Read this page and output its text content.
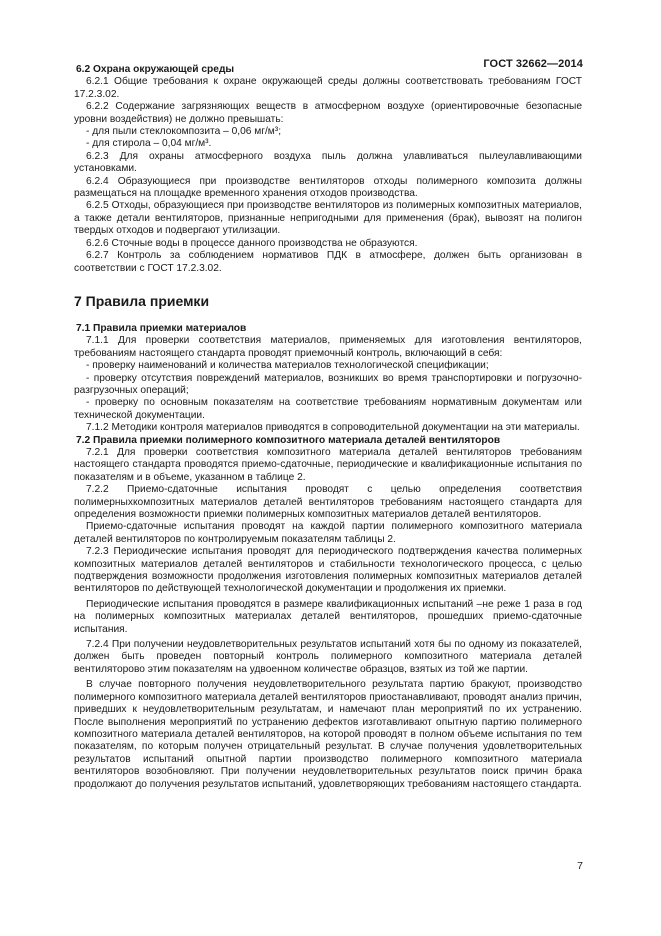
ГОСТ 32662—2014

6.2 Охрана окружающей среды

6.2.1 Общие требования к охране окружающей среды должны соответствовать требованиям ГОСТ 17.2.3.02.

6.2.2 Содержание загрязняющих веществ в атмосферном воздухе (ориентировочные безопасные уровни воздействия) не должно превышать:

- для пыли стеклокомпозита – 0,06 мг/м³;

- для стирола – 0,04 мг/м³.

6.2.3 Для охраны атмосферного воздуха пыль должна улавливаться пылеулавливающими установками.

6.2.4 Образующиеся при производстве вентиляторов отходы полимерного композита должны размещаться на площадке временного хранения отходов производства.

6.2.5 Отходы, образующиеся при производстве вентиляторов из полимерных композитных материалов, а также детали вентиляторов, признанные непригодными для применения (брак), вывозят на полигон твердых отходов и подвергают утилизации.

6.2.6 Сточные воды в процессе данного производства не образуются.

6.2.7 Контроль за соблюдением нормативов ПДК в атмосфере, должен быть организован в соответствии с ГОСТ 17.2.3.02.

7 Правила приемки

7.1 Правила приемки материалов

7.1.1 Для проверки соответствия материалов, применяемых для изготовления вентиляторов, требованиям настоящего стандарта проводят приемочный контроль, включающий в себя:

- проверку наименований и количества материалов технологической спецификации;

- проверку отсутствия повреждений материалов, возникших во время транспортировки и погрузочно-разгрузочных операций;

- проверку по основным показателям на соответствие требованиям нормативным документам или технической документации.

7.1.2 Методики контроля материалов приводятся в сопроводительной документации на эти материалы.

7.2 Правила приемки полимерного композитного материала деталей вентиляторов

7.2.1 Для проверки соответствия композитного материала деталей вентиляторов требованиям настоящего стандарта проводятся приемо-сдаточные, периодические и квалификационные испытания по показателям и в объеме, указанном в таблице 2.

7.2.2 Приемо-сдаточные испытания проводят с целью определения соответствия полимерныхкомпозитных материалов деталей вентиляторов требованиям настоящего стандарта для определения возможности приемки полимерных композитных материалов деталей вентиляторов.

Приемо-сдаточные испытания проводят на каждой партии полимерного композитного материала деталей вентиляторов по контролируемым показателям таблицы 2.

7.2.3 Периодические испытания проводят для периодического подтверждения качества полимерных композитных материалов деталей вентиляторов и стабильности технологического процесса, с целью подтверждения возможности продолжения изготовления полимерных композитных материалов деталей вентиляторов по действующей технологической документации и продолжения их приемки.

Периодические испытания проводятся в размере квалификационных испытаний –не реже 1 раза в год на полимерных композитных материалах деталей вентиляторов, прошедших приемо-сдаточные испытания.

7.2.4 При получении неудовлетворительных результатов испытаний хотя бы по одному из показателей, должен быть проведен повторный контроль полимерного композитного материала деталей вентиляторово этим показателям на удвоенном количестве образцов, взятых из той же партии.

В случае повторного получения неудовлетворительного результата партию бракуют, производство полимерного композитного материала деталей вентиляторов приостанавливают, проводят анализ причин, приведших к неудовлетворительным результатам, и намечают план мероприятий по их устранению. После выполнения мероприятий по устранению дефектов изготавливают опытную партию полимерного композитного материала деталей вентиляторов, на которой проводят в полном объеме испытания по тем показателям, по которым получен отрицательный результат. В случае получения удовлетворительных результатов испытаний опытной партии производство полимерного композитного материала вентиляторов возобновляют. При получении неудовлетворительных результатов поиск причин брака продолжают до получения результатов испытаний, удовлетворяющих требованиям настоящего стандарта.

7
